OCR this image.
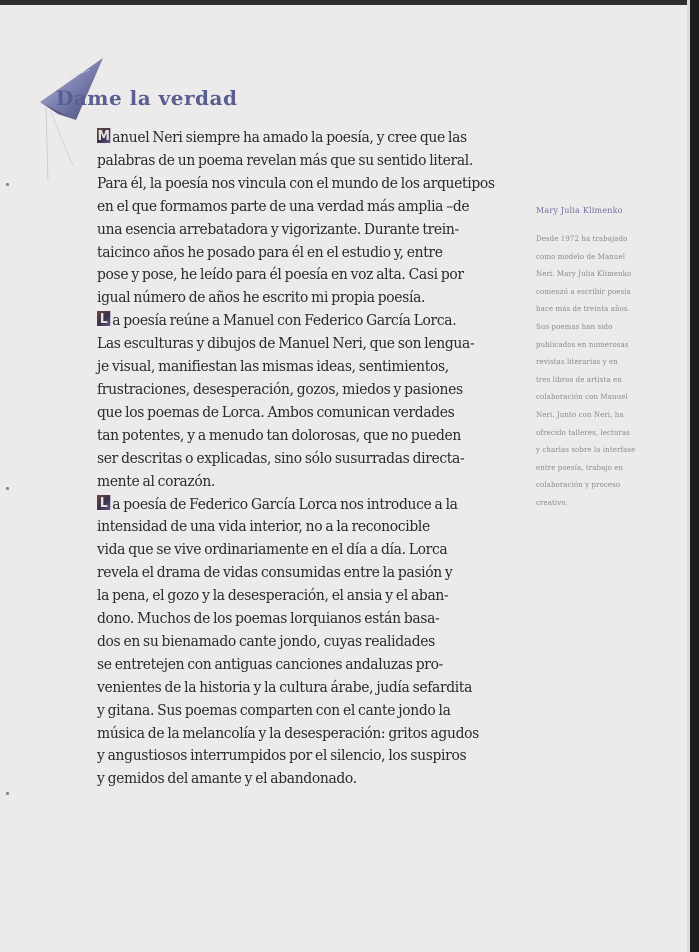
Dame la verdad
M anuel Neri siempre ha amado la poesía, y cree que las
palabras de un poema revelan más que su sentido literal.
Para él, la poesía nos vincula con el mundo de los arquetipos
en el que formamos parte de una verdad más amplia –de
una esencia arrebatadora y vigorizante. Durante trein-
taicinco años he posado para él en el estudio y, entre
pose y pose, he leído para él poesía en voz alta. Casi por
igual número de años he escrito mi propia poesía.
L a poesía reúne a Manuel con Federico García Lorca.
Las esculturas y dibujos de Manuel Neri, que son lengua-
je visual, manifiestan las mismas ideas, sentimientos,
frustraciones, desesperación, gozos, miedos y pasiones
que los poemas de Lorca. Ambos comunican verdades
tan potentes, y a menudo tan dolorosas, que no pueden
ser descritas o explicadas, sino sólo susurradas directa-
mente al corazón.
L a poesía de Federico García Lorca nos introduce a la
intensidad de una vida interior, no a la reconocible
vida que se vive ordinariamente en el día a día. Lorca
revela el drama de vidas consumidas entre la pasión y
la pena, el gozo y la desesperación, el ansia y el aban-
dono. Muchos de los poemas lorquianos están basa-
dos en su bienamado cante jondo, cuyas realidades
se entretejen con antiguas canciones andaluzas pro-
venientes de la historia y la cultura árabe, judía sefardita
y gitana. Sus poemas comparten con el cante jondo la
música de la melancolía y la desesperación: gritos agudos
y angustiosos interrumpidos por el silencio, los suspiros
y gemidos del amante y el abandonado.
Mary Julia Klimenko
Desde 1972 ha trabajado
como modelo de Manuel
Neri. Mary Julia Klimenko
comenzó a escribir poesía
hace más de treinta años.
Sus poemas han sido
publicados en numerosas
revistas literarias y en
tres libros de artista en
colaboración con Manuel
Neri. Junto con Neri, ha
ofrecido talleres, lecturas
y charlas sobre la interfase
entre poesía, trabajo en
colaboración y proceso
creativo.
